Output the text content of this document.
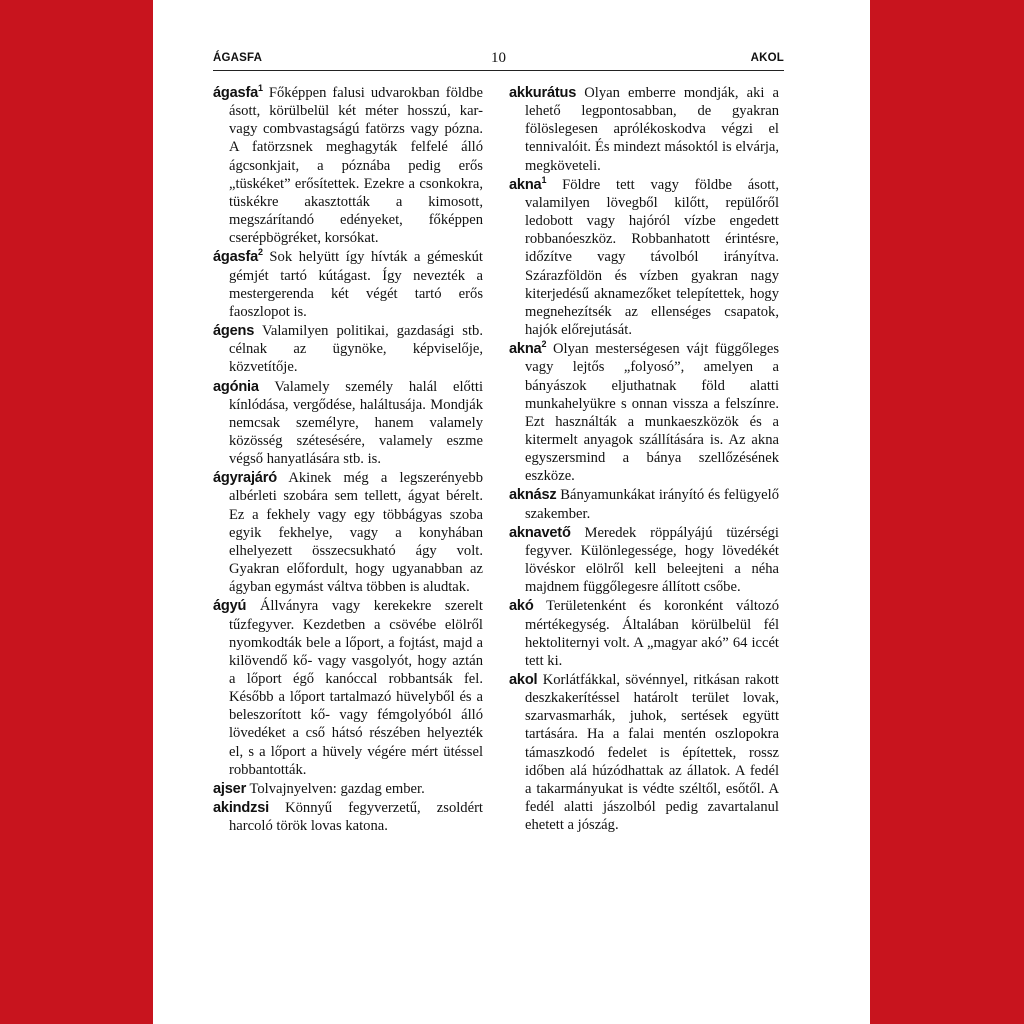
ÁGASFA	10	AKOL

ágasfa$^1$ Főképpen falusi udvarokban földbe ásott, körülbelül két méter hosszú, kar- vagy combvastagságú fatörzs vagy pózna. A fatörzsnek meghagyták felfelé álló ágcsonkjait, a póznába pedig erős „tüskéket” erősítettek. Ezekre a csonkokra, tüskékre akasztották a kimosott, megszárítandó edényeket, főképpen cserépbögréket, korsókat.

ágasfa$^2$ Sok helyütt így hívták a gémeskút gémjét tartó kútágast. Így nevezték a mestergerenda két végét tartó erős faoszlopot is.

ágens Valamilyen politikai, gazdasági stb. célnak az ügynöke, képviselője, közvetítője.

agónia Valamely személy halál előtti kínlódása, vergődése, haláltusája. Mondják nemcsak személyre, hanem valamely közösség szétesésére, valamely eszme végső hanyatlására stb. is.

ágyrajáró Akinek még a legszerényebb albérleti szobára sem tellett, ágyat bérelt. Ez a fekhely vagy egy többágyas szoba egyik fekhelye, vagy a konyhában elhelyezett összecsukható ágy volt. Gyakran előfordult, hogy ugyanabban az ágyban egymást váltva többen is aludtak.

ágyú Állványra vagy kerekekre szerelt tűzfegyver. Kezdetben a csövébe elölről nyomkodták bele a lőport, a fojtást, majd a kilövendő kő- vagy vasgolyót, hogy aztán a lőport égő kanóccal robbantsák fel. Később a lőport tartalmazó hüvelyből és a beleszorított kő- vagy fémgolyóból álló lövedéket a cső hátsó részében helyezték el, s a lőport a hüvely végére mért ütéssel robbantották.

ajser Tolvajnyelven: gazdag ember.

akindzsi Könnyű fegyverzetű, zsoldért harcoló török lovas katona.

akkurátus Olyan emberre mondják, aki a lehető legpontosabban, de gyakran fölöslegesen aprólékoskodva végzi el tennivalóit. És mindezt másoktól is elvárja, megköveteli.

akna$^1$ Földre tett vagy földbe ásott, valamilyen lövegből kilőtt, repülőről ledobott vagy hajóról vízbe engedett robbanóeszköz. Robbanhatott érintésre, időzítve vagy távolból irányítva. Szárazföldön és vízben gyakran nagy kiterjedésű aknamezőket telepítettek, hogy megnehezítsék az ellenséges csapatok, hajók előrejutását.

akna$^2$ Olyan mesterségesen vájt függőleges vagy lejtős „folyosó”, amelyen a bányászok eljuthatnak föld alatti munkahelyükre s onnan vissza a felszínre. Ezt használták a munkaeszközök és a kitermelt anyagok szállítására is. Az akna egyszersmind a bánya szellőzésének eszköze.

aknász Bányamunkákat irányító és felügyelő szakember.

aknavető Meredek röppályájú tüzérségi fegyver. Különlegessége, hogy lövedékét lövéskor elölről kell beleejteni a néha majdnem függőlegesre állított csőbe.

akó Területenként és koronként változó mértékegység. Általában körülbelül fél hektoliternyi volt. A „magyar akó” 64 iccét tett ki.

akol Korlátfákkal, sövénnyel, ritkásan rakott deszkakerítéssel határolt terület lovak, szarvasmarhák, juhok, sertések együtt tartására. Ha a falai mentén oszlopokra támaszkodó fedelet is építettek, rossz időben alá húzódhattak az állatok. A fedél a takarmányukat is védte széltől, esőtől. A fedél alatti jászolból pedig zavartalanul ehetett a jószág.
